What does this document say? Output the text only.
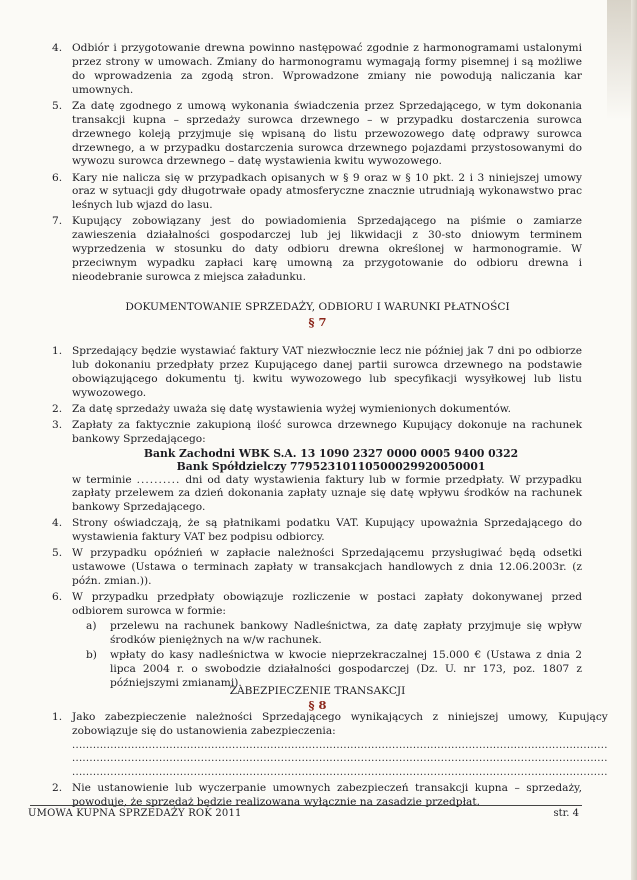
4. Odbiór i przygotowanie drewna powinno następować zgodnie z harmonogramami ustalonymi przez strony w umowach. Zmiany do harmonogramu wymagają formy pisemnej i są możliwe do wprowadzenia za zgodą stron. Wprowadzone zmiany nie powodują naliczania kar umownych.
5. Za datę zgodnego z umową wykonania świadczenia przez Sprzedającego, w tym dokonania transakcji kupna – sprzedaży surowca drzewnego – w przypadku dostarczenia surowca drzewnego koleją przyjmuje się wpisaną do listu przewozowego datę odprawy surowca drzewnego, a w przypadku dostarczenia surowca drzewnego pojazdami przystosowanymi do wywozu surowca drzewnego – datę wystawienia kwitu wywozowego.
6. Kary nie nalicza się w przypadkach opisanych w § 9 oraz w § 10 pkt. 2 i 3 niniejszej umowy oraz w sytuacji gdy długotrwałe opady atmosferyczne znacznie utrudniają wykonawstwo prac leśnych lub wjazd do lasu.
7. Kupujący zobowiązany jest do powiadomienia Sprzedającego na piśmie o zamiarze zawieszenia działalności gospodarczej lub jej likwidacji z 30-sto dniowym terminem wyprzedzenia w stosunku do daty odbioru drewna określonej w harmonogramie. W przeciwnym wypadku zapłaci karę umowną za przygotowanie do odbioru drewna i nieodebranie surowca z miejsca załadunku.
DOKUMENTOWANIE SPRZEDAŻY, ODBIORU I WARUNKI PŁATNOŚCI
§ 7
1. Sprzedający będzie wystawiać faktury VAT niezwłocznie lecz nie później jak 7 dni po odbiorze lub dokonaniu przedpłaty przez Kupującego danej partii surowca drzewnego na podstawie obowiązującego dokumentu tj. kwitu wywozowego lub specyfikacji wysyłkowej lub listu wywozowego.
2. Za datę sprzedaży uważa się datę wystawienia wyżej wymienionych dokumentów.
3. Zapłaty za faktycznie zakupioną ilość surowca drzewnego Kupujący dokonuje na rachunek bankowy Sprzedającego:
Bank Zachodni WBK S.A. 13 1090 2327 0000 0005 9400 0322
Bank Spółdzielczy 77952310110500029920050001
w terminie .......... dni od daty wystawienia faktury lub w formie przedpłaty. W przypadku zapłaty przelewem za dzień dokonania zapłaty uznaje się datę wpływu środków na rachunek bankowy Sprzedającego.
4. Strony oświadczają, że są płatnikami podatku VAT. Kupujący upoważnia Sprzedającego do wystawienia faktury VAT bez podpisu odbiorcy.
5. W przypadku opóźnień w zapłacie należności Sprzedającemu przysługiwać będą odsetki ustawowe (Ustawa o terminach zapłaty w transakcjach handlowych z dnia 12.06.2003r. (z późn. zmian.)).
6. W przypadku przedpłaty obowiązuje rozliczenie w postaci zapłaty dokonywanej przed odbiorem surowca w formie:
a)	przelewu na rachunek bankowy Nadleśnictwa, za datę zapłaty przyjmuje się wpływ środków pieniężnych na w/w rachunek.
b)	wpłaty do kasy nadleśnictwa w kwocie nieprzekraczalnej 15.000 € (Ustawa z dnia 2 lipca 2004 r. o swobodzie działalności gospodarczej (Dz. U. nr 173, poz. 1807 z późniejszymi zmianami).
ZABEZPIECZENIE TRANSAKCJI
§ 8
1. Jako zabezpieczenie należności Sprzedającego wynikających z niniejszej umowy, Kupujący zobowiązuje się do ustanowienia zabezpieczenia:
..........................................................................................................................................................
..........................................................................................................................................................
..........................................................................................................................................................
2. Nie ustanowienie lub wyczerpanie umownych zabezpieczeń transakcji kupna – sprzedaży, powoduje, że sprzedaż będzie realizowana wyłącznie na zasadzie przedpłat.
UMOWA KUPNA SPRZEDAŻY ROK 2011	str. 4
